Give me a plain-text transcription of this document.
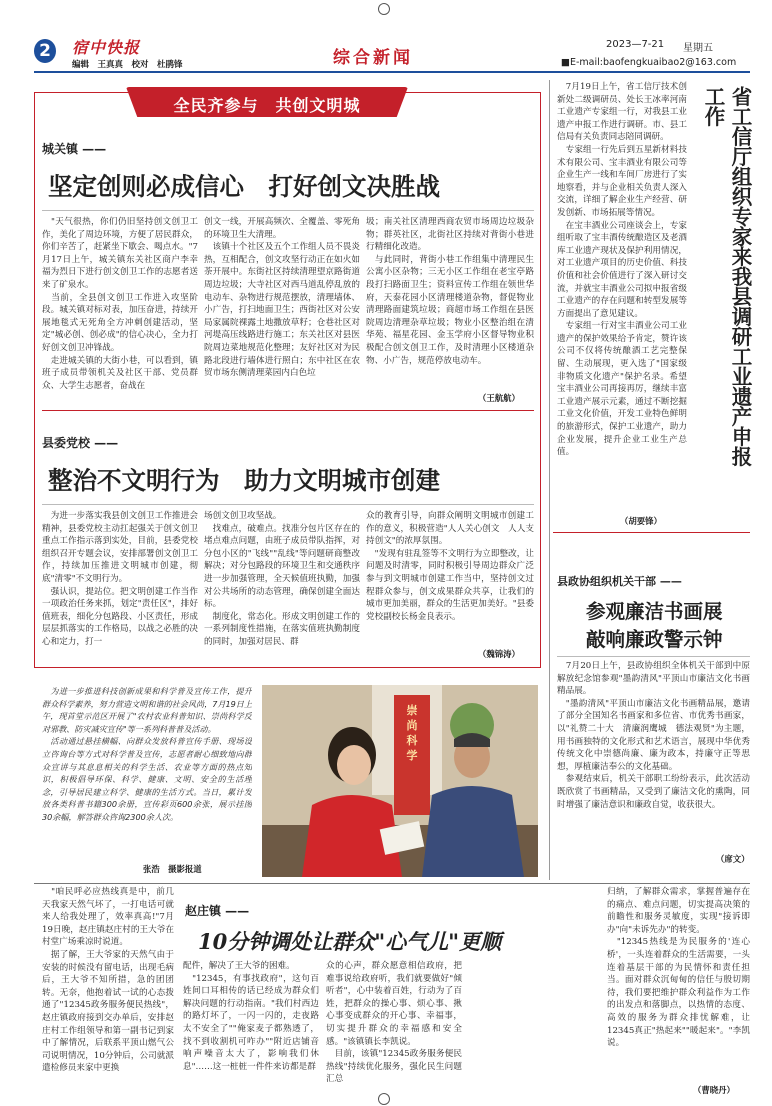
2	宿中快报
编辑　王真真　校对　杜鹃锋	综合新闻
2023—7-21 星期五
■E-mail:baofengkuaibao2@163.com
全民齐参与　共创文明城
城关镇 ——
坚定创则必成信心　打好创文决胜战
　"天气很热，你们仍旧坚持创文创卫工作，美化了周边环境，方便了居民群众，你们辛苦了，赶紧坐下歇会、喝点水。"7月17日上午，城关镇东关社区商户李幸福为烈日下进行创文创卫工作的志愿者送来了矿泉水。
　当前，全县创文创卫工作进入攻坚阶段。城关镇对标对表，加压奋进，持续开展地毯式无死角全方冲刺创建活动，坚定"城必创、创必成"的信心决心，全力打好创文创卫冲锋战。
　走进城关镇的大街小巷，可以看到，镇班子成员带领机关及社区干部、党员群众、大学生志愿者，奋战在
创文一线，开展高频次、全覆盖、零死角的环境卫生大清理。
　该镇十个社区及五个工作组人员不畏炎热，互相配合，创文攻坚行动正在如火如荼开展中。东街社区持续清理望京路街道周边垃圾；大寺社区对西马道乱停乱放的电动车、杂物进行规范摆放，清理墙体、小广告，打扫地面卫生；西街社区对公安局家属院裸露土地撒放草籽；仓巷社区对河堤高压线路进行施工；东关社区对县医院周边菜地规范化整理；友好社区对为民路北段进行墙体进行照白；东中社区在农贸市场东侧清理菜园内白色垃
圾；南关社区清理西商农贸市场周边垃圾杂物；群英社区，北街社区持续对背街小巷进行精细化改造。
　与此同时，背街小巷工作组集中清理民生公寓小区杂物；三无小区工作组在老宝亭路段打扫路面卫生；资料宣传工作组在领世华府，天泰花园小区清理楼道杂物，督促物业清理路面建筑垃圾；商超市场工作组在县医院周边清理杂草垃圾；物业小区整治组在清华苑、福星花园、金玉学府小区督导物业积极配合创文创卫工作，及时清理小区楼道杂物、小广告，规范停放电动车。
（王航航）
县委党校 ——
整治不文明行为　助力文明城市创建
　为进一步落实我县创文创卫工作推进会精神，县委党校主动扛起强关于创文创卫重点工作指示落到实处，目前，县委党校组织召开专题会议，安排部署创文创卫工作，持续加压推进文明城市创建，彻底"清零"不文明行为。
　强认识，提站位。把文明创建工作当作一项政治任务来抓，划定"责任区"，排好值班表，细化分包路段、小区责任，形成层层抓落实的工作格局，以战之必胜的决心和定力，打一
场创文创卫攻坚战。
　找难点，破难点。找准分包片区存在的堵点难点问题，由班子成员带队指挥，对分包小区的"飞线""乱线"等问题研商整改解决；对分包路段的环境卫生和交通秩序进一步加强管理，全天候值班执勤，加强对公共场所的动态管理，确保创建全面达标。
　制度化，常态化。形成文明创建工作的一系列制度性措施，在落实值班执勤制度的同时，加强对居民、群
众的教育引导，向群众阐明文明城市创建工作的意义，积极营造"人人关心创文　人人支持创文"的浓厚氛围。
　"发现有驻乱签等不文明行为立即整改，让问题及时清零，同时积极引导周边群众广泛参与到文明城市创建工作当中，坚持创文过程群众参与，创文成果群众共享，让我们的城市更加美丽，群众的生活更加美好。"县委党校副校长杨金良表示。
（魏锦涛）
　7月19日上午，省工信厅技术创新处二级调研员、处长王冰率河南工业遗产专家组一行，对我县工业遗产申报工作进行调研。市、县工信局有关负责同志陪同调研。
　专家组一行先后到五星新材料技术有限公司、宝丰酒业有限公司等企业生产一线和车间厂房进行了实地察看，并与企业相关负责人深入交流，详细了解企业生产经营、研发创新、市场拓展等情况。
　在宝丰酒业公司座谈会上，专家组听取了宝丰酒传统酿造区及老酒库工业遗产现状及保护利用情况，对工业遗产项目的历史价值、科技价值和社会价值进行了深入研讨交流，并就宝丰酒业公司拟申报省级工业遗产的存在问题和转型发展等方面提出了意见建议。
　专家组一行对宝丰酒业公司工业遗产的保护效果给予肯定，赞许该公司不仅将传统酿酒工艺完整保留、生动展现，更入选了"国家级非物质文化遗产"保护名录。希望宝丰酒业公司再接再厉，继续丰富工业遗产展示元素，通过不断挖掘工业文化价值，开发工业特色鲜明的旅游形式，保护工业遗产，助力企业发展，提升企业工业生产总值。	省工信厅组织专家来我县调研工业遗产申报工作
（胡要锋）
县政协组织机关干部 ——
参观廉洁书画展
敲响廉政警示钟
　7月20日上午，县政协组织全体机关干部到中原解放纪念馆参观"墨韵清风"平顶山市廉洁文化书画精品展。
　"墨韵清风"平顶山市廉洁文化书画精品展，邀请了部分全国知名书画家和多位省、市优秀书画家，以"礼赞二十大　清廉润鹰城　德法观贤"为主题，用书画独特的文化形式和艺术语言，展现中华优秀传统文化中崇德尚廉、廉为政本，持廉守正等思想，厚植廉洁奉公的文化基础。
　参观结束后，机关干部职工纷纷表示，此次活动既欣赏了书画精品，又受到了廉洁文化的熏陶，同时增强了廉洁意识和廉政自觉，收获很大。
（席文）
　为进一步推进科技创新成果和科学普及宣传工作，提升群众科学素养，努力营造文明和谐的社会风尚，7月19日上午，现首堂示范区开展了"农村农业科普知识、崇尚科学反对邪教、防灾减灾宣传"等一系列科普普及活动。
　活动通过悬挂横幅、向群众发放科普宣传手册、现场设立咨询台等方式对科学普及宣传，志愿者耐心细致地向群众宣讲与其息息相关的科学生活、农业等方面的热点知识，积极倡导环保、科学、健康、文明、安全的生活理念，引导居民建立科学、健康的生活方式。当日，累计发放各类科普书籍300余册，宣传彩页600余张，展示挂图30余幅，解答群众咨询2300余人次。
张浩　摄影报道
崇
尚
科
学
　"咱民呼必应热线真是中，前几天我家天然气坏了，一打电话可就来人给我处理了，效率真高!"7月19日晚，赵庄镇赵庄村的王大爷在村堂广场乘凉时说道。
　据了解，王大爷家的天然气由于安装的时候没有留电话，出现毛病后，王大爷不知所措，急的团团转。无奈，他抱着试一试的心态拨通了"12345政务服务便民热线"，赵庄镇政府接到交办单后，安排赵庄村工作组领导和第一副书记到家中了解情况，后联系平顶山燃气公司说明情况，10分钟后，公司就派遣检修员来家中更换
赵庄镇 ——
10分钟调处让群众"心气儿"更顺
配件，解决了王大爷的困难。
　"12345，有事找政府"，这句百姓间口耳相传的话已经成为群众们解决问题的行动指南。"我们村西边的路灯坏了，一闪一闪的，走夜路太不安全了""俺家麦子都熟透了，找不到收割机可咋办""附近店铺音响声噪音太大了，影响我们休息"……这一桩桩一件件来访都是群
众的心声，群众愿意相信政府，把难事说给政府听，我们就要做好"倾听者"，心中装着百姓，行动为了百姓，把群众的操心事、烦心事、揪心事变成群众的开心事、幸福事，切实提升群众的幸福感和安全感。"该镇镇长李凯说。
　目前，该镇"12345政务服务便民热线"持续优化服务，强化民生问题汇总
归纳，了解群众需求，掌握普遍存在的痛点、难点问题，切实提高决策的前瞻性和服务灵敏度，实现"接诉即办"向"未诉先办"的转变。
　"12345热线是为民服务的'连心桥'，一头连着群众的生活需要，一头连着基层干部的为民情怀和责任担当。面对群众沉甸甸的信任与殷切期待，我们要把维护群众利益作为工作的出发点和落脚点，以热情的态度、高效的服务为群众排忧解难，让12345真正"热起来""暖起来"。"李凯说。
（曹晓丹）
